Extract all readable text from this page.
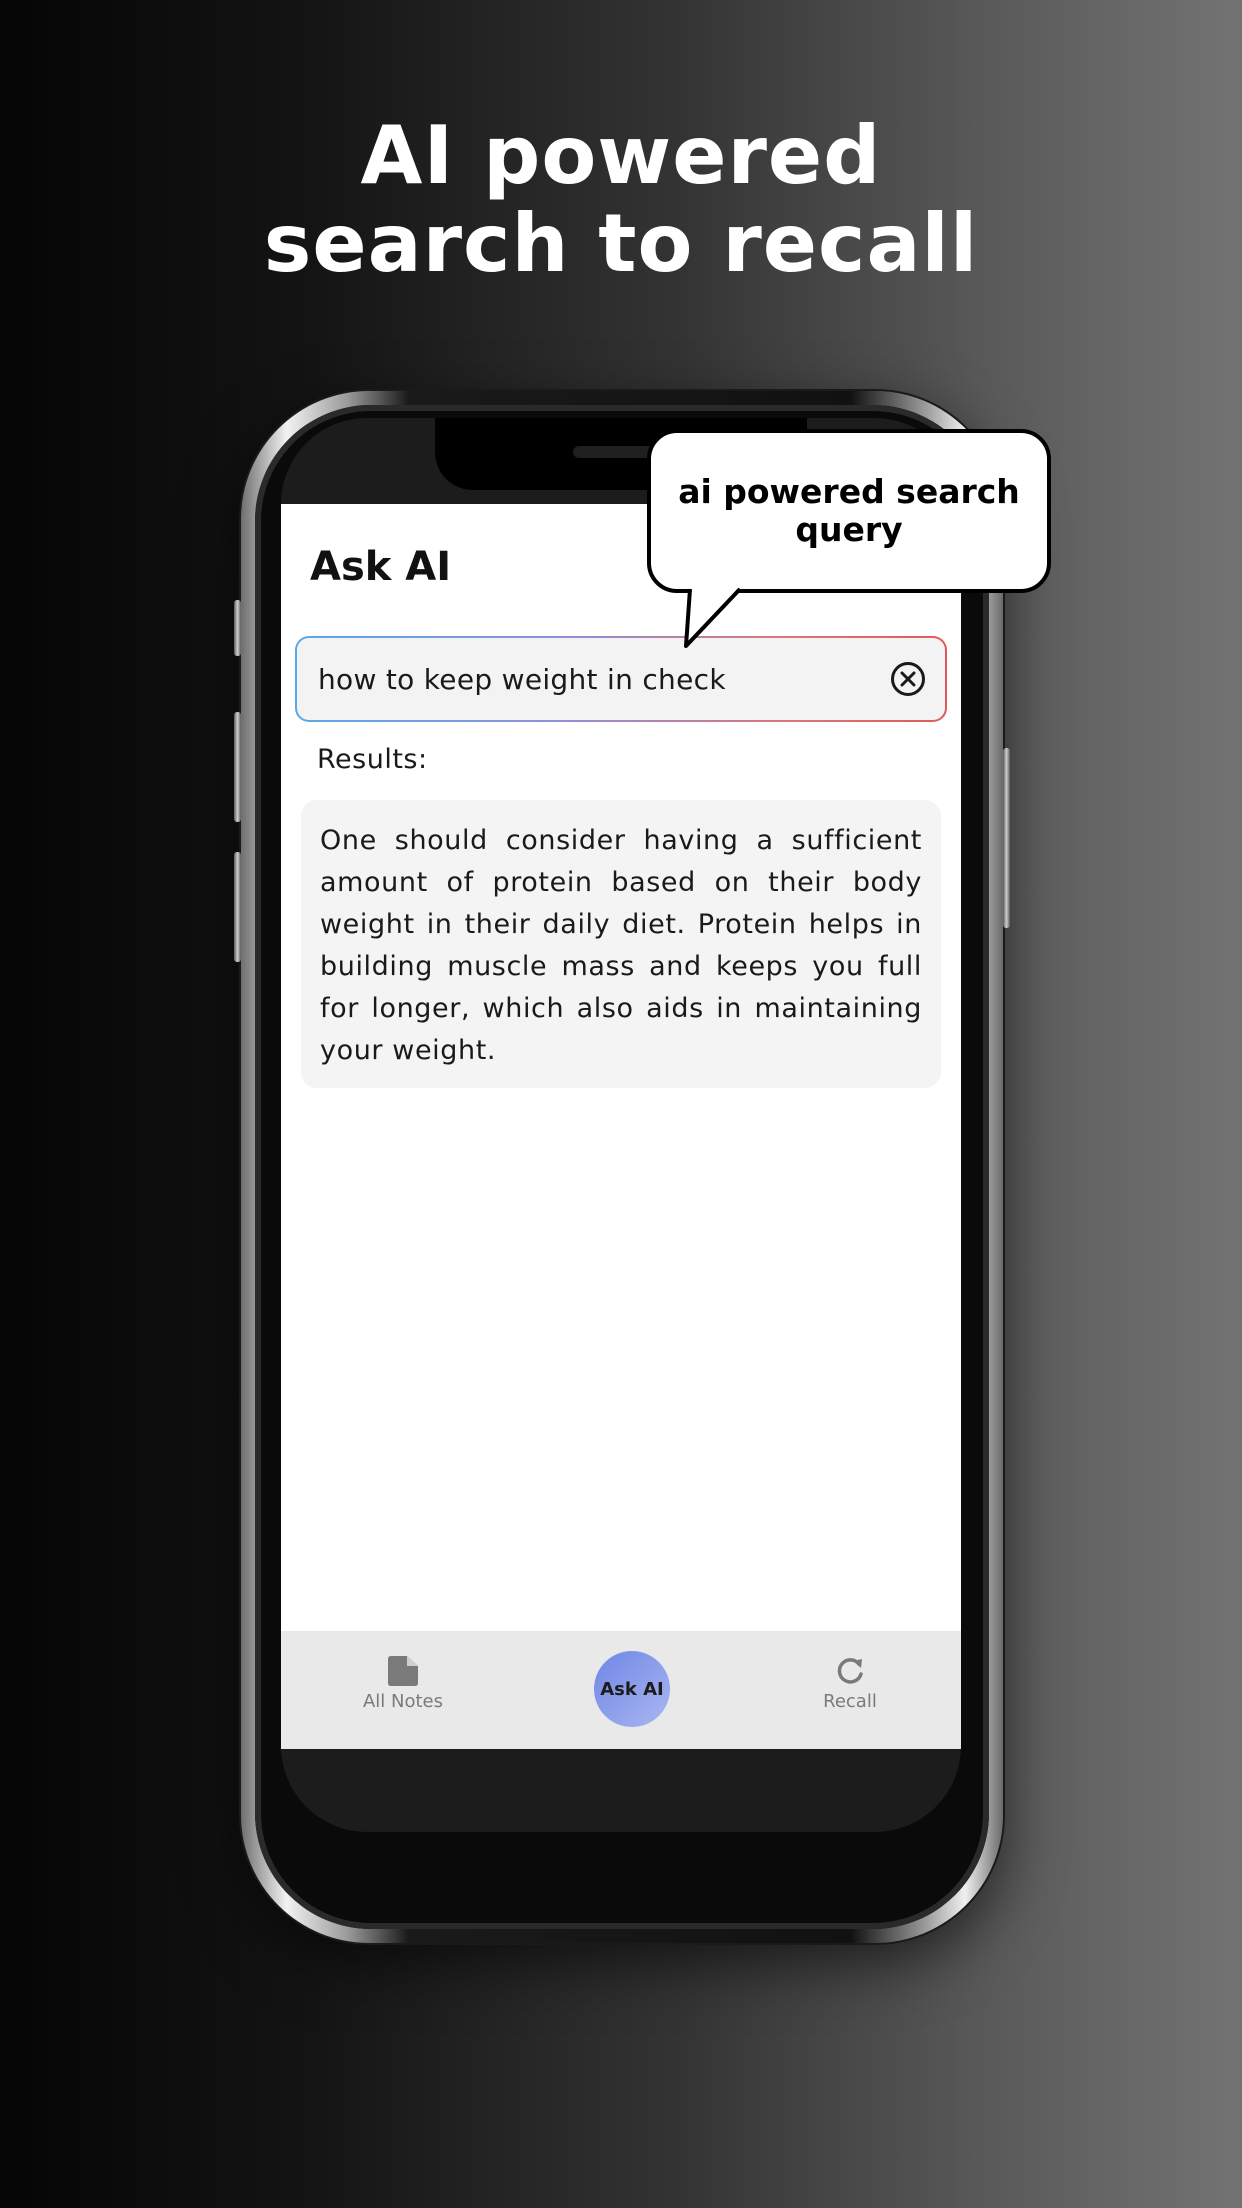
AI powered
search to recall
Ask AI
how to keep weight in check
Results:
One should consider having a sufficient amount of protein based on their body weight in their daily diet. Protein helps in building muscle mass and keeps you full for longer, which also aids in maintaining your weight.
All Notes
Ask AI
Recall
ai powered search query
